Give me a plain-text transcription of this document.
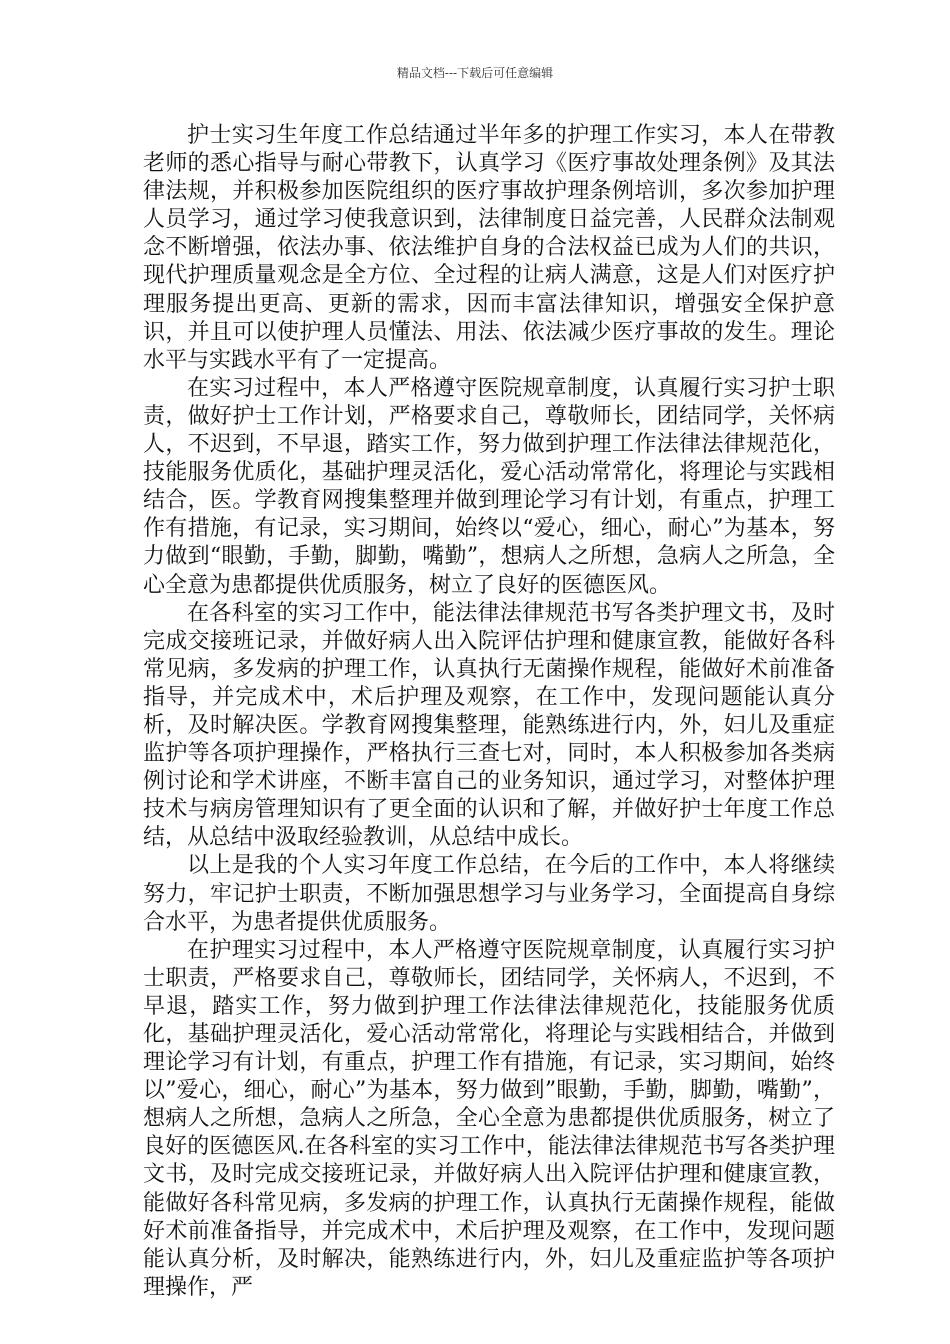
精品文档---下载后可任意编辑

护士实习生年度工作总结通过半年多的护理工作实习，本人在带教老师的悉心指导与耐心带教下，认真学习《医疗事故处理条例》及其法律法规，并积极参加医院组织的医疗事故护理条例培训，多次参加护理人员学习，通过学习使我意识到，法律制度日益完善，人民群众法制观念不断增强，依法办事、依法维护自身的合法权益已成为人们的共识，现代护理质量观念是全方位、全过程的让病人满意，这是人们对医疗护理服务提出更高、更新的需求，因而丰富法律知识，增强安全保护意识，并且可以使护理人员懂法、用法、依法减少医疗事故的发生。理论水平与实践水平有了一定提高。

在实习过程中，本人严格遵守医院规章制度，认真履行实习护士职责，做好护士工作计划，严格要求自己，尊敬师长，团结同学，关怀病人，不迟到，不早退，踏实工作，努力做到护理工作法律法律规范化，技能服务优质化，基础护理灵活化，爱心活动常常化，将理论与实践相结合，医。学教育网搜集整理并做到理论学习有计划，有重点，护理工作有措施，有记录，实习期间，始终以“爱心，细心，耐心”为基本，努力做到“眼勤，手勤，脚勤，嘴勤”，想病人之所想，急病人之所急，全心全意为患都提供优质服务，树立了良好的医德医风。

在各科室的实习工作中，能法律法律规范书写各类护理文书，及时完成交接班记录，并做好病人出入院评估护理和健康宣教，能做好各科常见病，多发病的护理工作，认真执行无菌操作规程，能做好术前准备指导，并完成术中，术后护理及观察，在工作中，发现问题能认真分析，及时解决医。学教育网搜集整理，能熟练进行内，外，妇儿及重症监护等各项护理操作，严格执行三查七对，同时，本人积极参加各类病例讨论和学术讲座，不断丰富自己的业务知识，通过学习，对整体护理技术与病房管理知识有了更全面的认识和了解，并做好护士年度工作总结，从总结中汲取经验教训，从总结中成长。

以上是我的个人实习年度工作总结，在今后的工作中，本人将继续努力，牢记护士职责，不断加强思想学习与业务学习，全面提高自身综合水平，为患者提供优质服务。

在护理实习过程中，本人严格遵守医院规章制度，认真履行实习护士职责，严格要求自己，尊敬师长，团结同学，关怀病人，不迟到，不早退，踏实工作，努力做到护理工作法律法律规范化，技能服务优质化，基础护理灵活化，爱心活动常常化，将理论与实践相结合，并做到理论学习有计划，有重点，护理工作有措施，有记录，实习期间，始终以”爱心，细心，耐心”为基本，努力做到”眼勤，手勤，脚勤，嘴勤”，想病人之所想，急病人之所急，全心全意为患都提供优质服务，树立了良好的医德医风.在各科室的实习工作中，能法律法律规范书写各类护理文书，及时完成交接班记录，并做好病人出入院评估护理和健康宣教，能做好各科常见病，多发病的护理工作，认真执行无菌操作规程，能做好术前准备指导，并完成术中，术后护理及观察，在工作中，发现问题能认真分析，及时解决，能熟练进行内，外，妇儿及重症监护等各项护理操作，严
